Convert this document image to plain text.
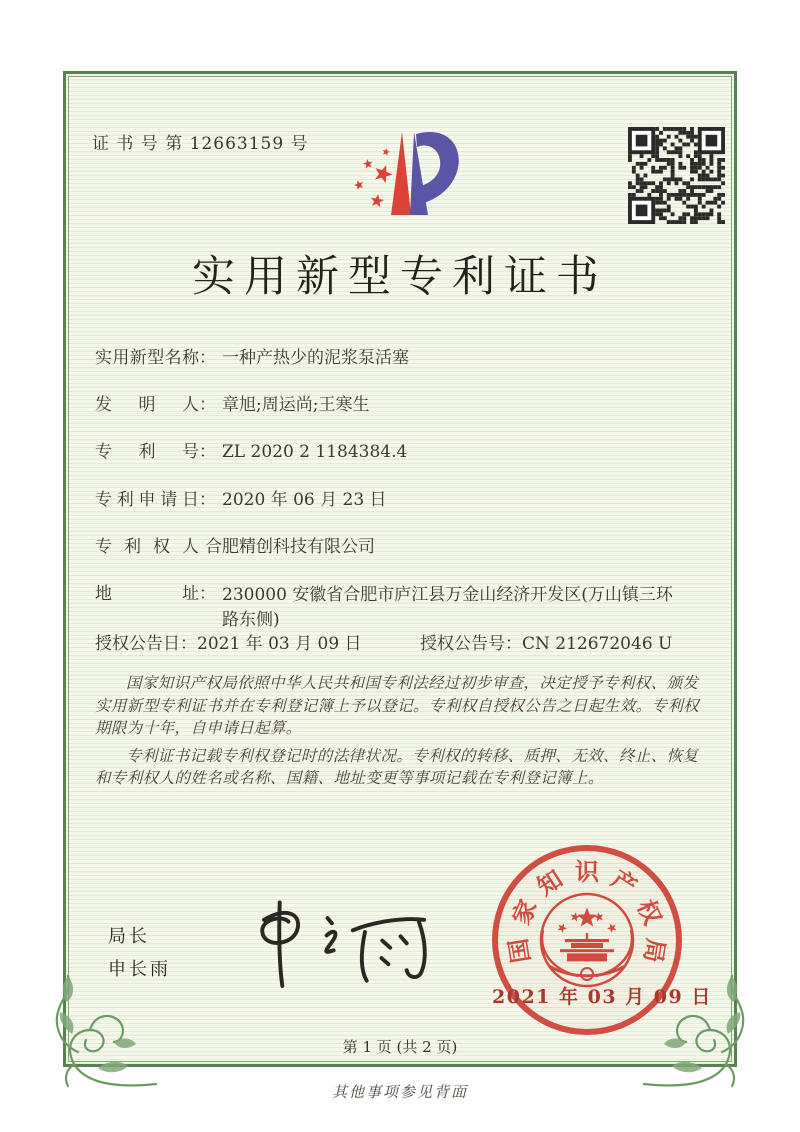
证 书 号 第 12663159 号
实用新型专利证书
实用新型名称： 一种产热少的泥浆泵活塞
发明人： 章旭;周运尚;王寒生
专利号： ZL 2020 2 1184384.4
专利申请日： 2020 年 06 月 23 日
专利权人 合肥精创科技有限公司
地址： 230000 安徽省合肥市庐江县万金山经济开发区(万山镇三环路东侧)
授权公告日：2021 年 03 月 09 日	授权公告号：CN 212672046 U

国家知识产权局依照中华人民共和国专利法经过初步审查，决定授予专利权、颁发实用新型专利证书并在专利登记簿上予以登记。专利权自授权公告之日起生效。专利权期限为十年，自申请日起算。

专利证书记载专利权登记时的法律状况。专利权的转移、质押、无效、终止、恢复和专利权人的姓名或名称、国籍、地址变更等事项记载在专利登记簿上。

局长
申长雨
国
家
知 识 产
权
局
2021 年 03 月 09 日
第 1 页 (共 2 页)
其他事项参见背面
